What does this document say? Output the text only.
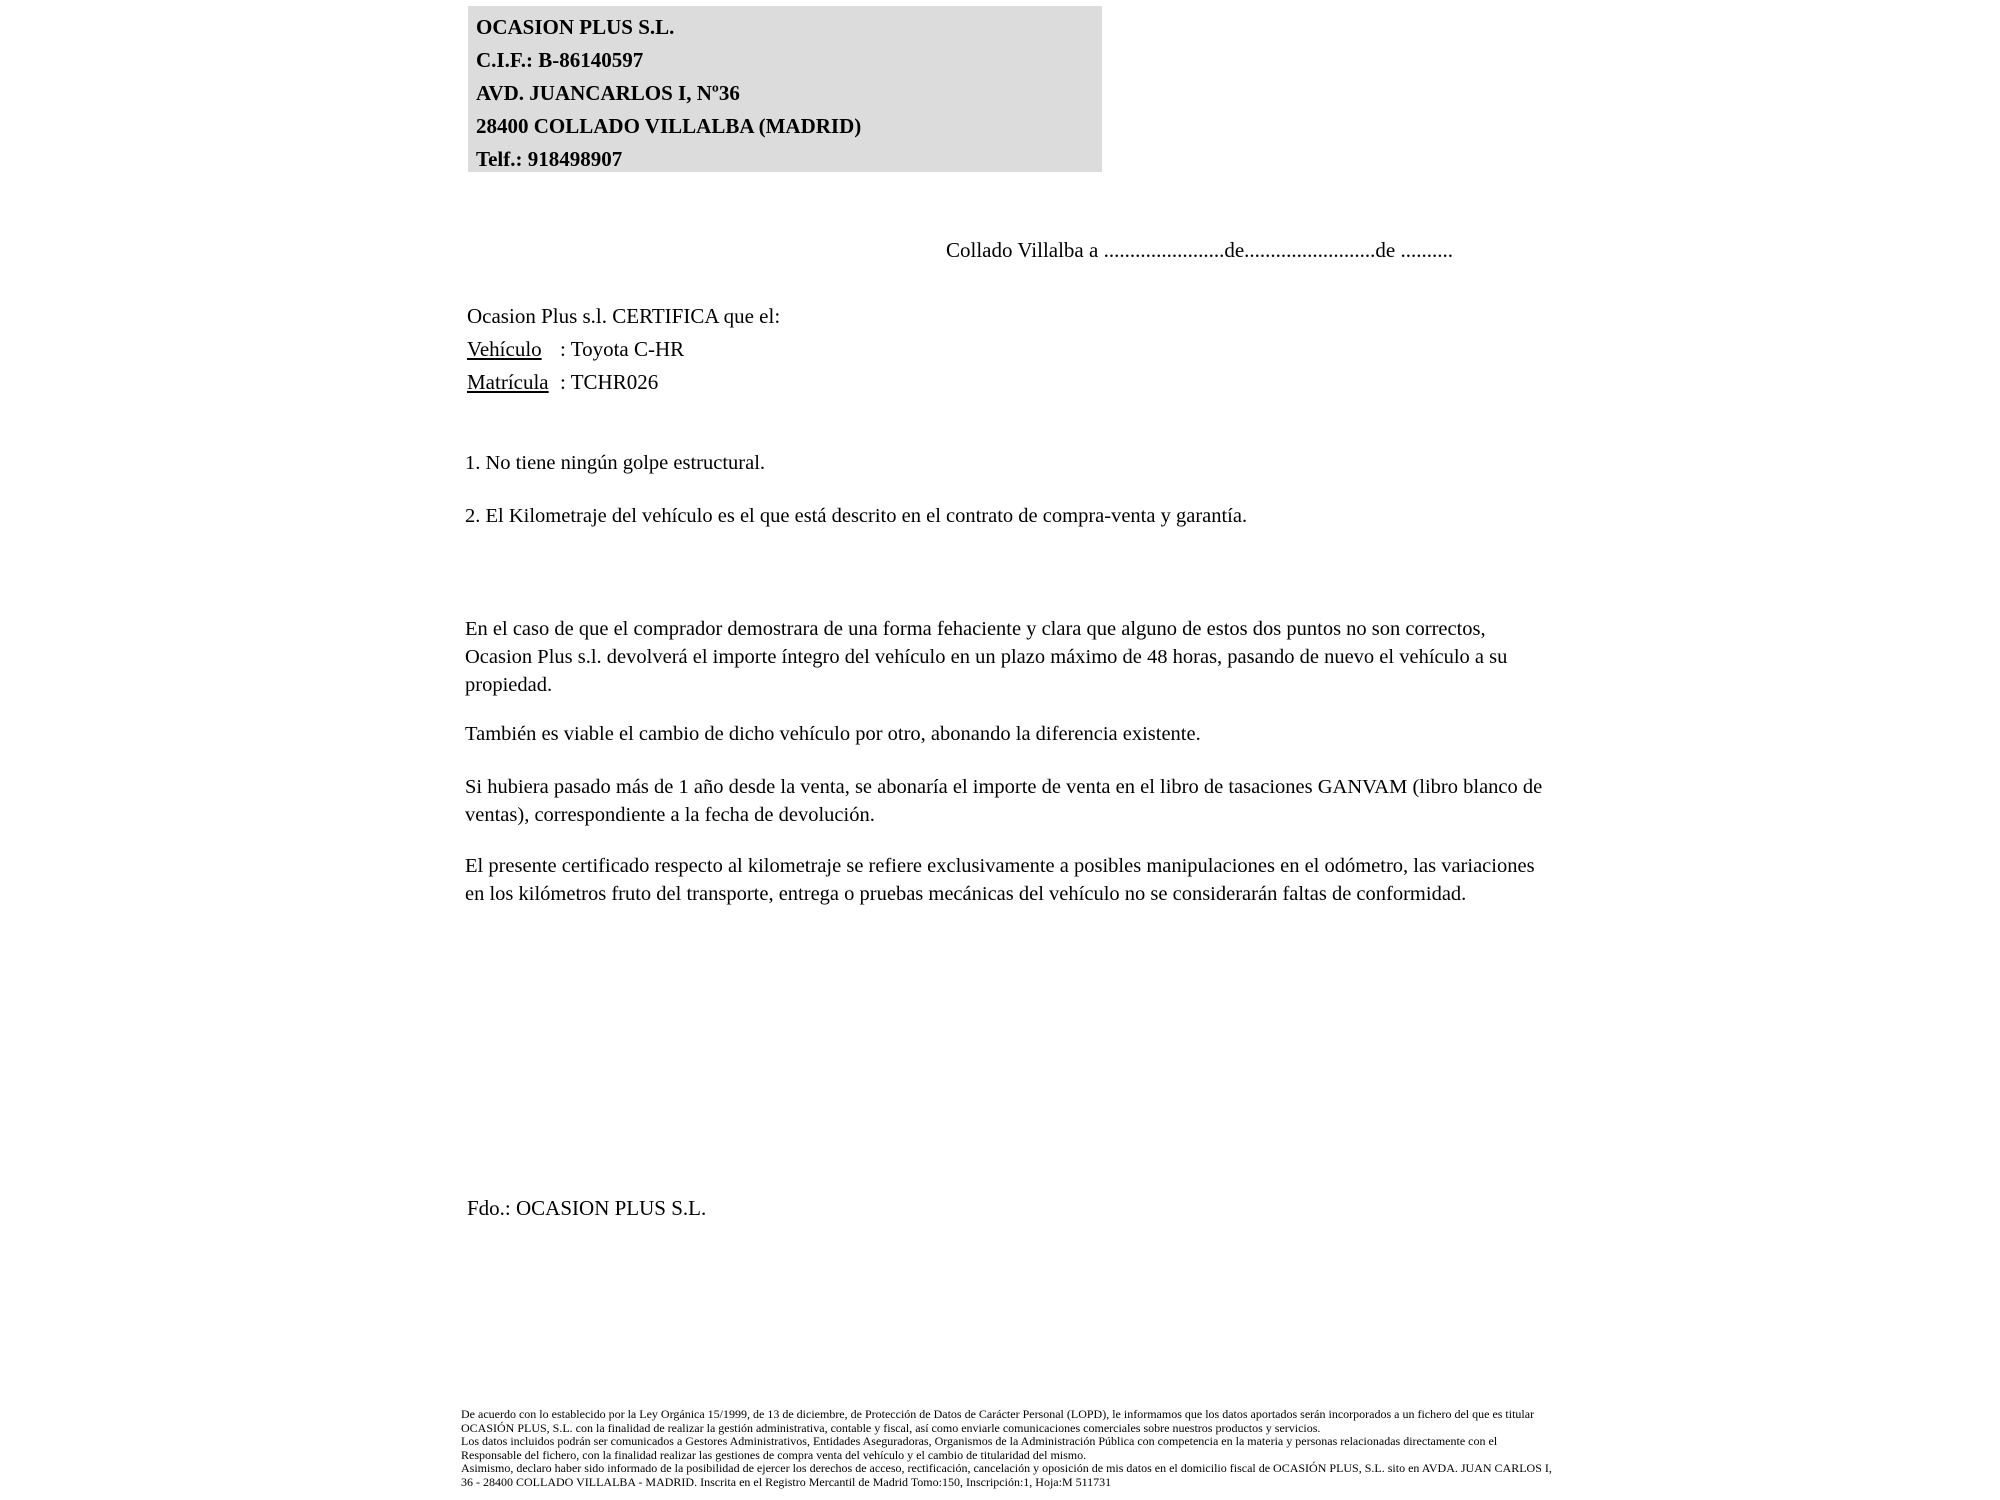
OCASION PLUS S.L.
C.I.F.: B-86140597
AVD. JUANCARLOS I, Nº36
28400 COLLADO VILLALBA (MADRID)
Telf.: 918498907
Collado Villalba a .......................de.........................de ..........
Ocasion Plus s.l. CERTIFICA que el:
Vehículo : Toyota C-HR
Matrícula : TCHR026
1. No tiene ningún golpe estructural.
2. El Kilometraje del vehículo es el que está descrito en el contrato de compra-venta y garantía.
En el caso de que el comprador demostrara de una forma fehaciente y clara que alguno de estos dos puntos no son correctos, Ocasion Plus s.l. devolverá el importe íntegro del vehículo en un plazo máximo de 48 horas, pasando de nuevo el vehículo a su propiedad.
También es viable el cambio de dicho vehículo por otro, abonando la diferencia existente.
Si hubiera pasado más de 1 año desde la venta, se abonaría el importe de venta en el libro de tasaciones GANVAM (libro blanco de ventas), correspondiente a la fecha de devolución.
El presente certificado respecto al kilometraje se refiere exclusivamente a posibles manipulaciones en el odómetro, las variaciones en los kilómetros fruto del transporte, entrega o pruebas mecánicas del vehículo no se considerarán faltas de conformidad.
Fdo.: OCASION PLUS S.L.
De acuerdo con lo establecido por la Ley Orgánica 15/1999, de 13 de diciembre, de Protección de Datos de Carácter Personal (LOPD), le informamos que los datos aportados serán incorporados a un fichero del que es titular OCASIÓN PLUS, S.L. con la finalidad de realizar la gestión administrativa, contable y fiscal, así como enviarle comunicaciones comerciales sobre nuestros productos y servicios.
Los datos incluidos podrán ser comunicados a Gestores Administrativos, Entidades Aseguradoras, Organismos de la Administración Pública con competencia en la materia y personas relacionadas directamente con el Responsable del fichero, con la finalidad realizar las gestiones de compra venta del vehículo y el cambio de titularidad del mismo.
Asimismo, declaro haber sido informado de la posibilidad de ejercer los derechos de acceso, rectificación, cancelación y oposición de mis datos en el domicilio fiscal de OCASIÓN PLUS, S.L. sito en AVDA. JUAN CARLOS I, 36 - 28400 COLLADO VILLALBA - MADRID. Inscrita en el Registro Mercantil de Madrid Tomo:150, Inscripción:1, Hoja:M 511731
